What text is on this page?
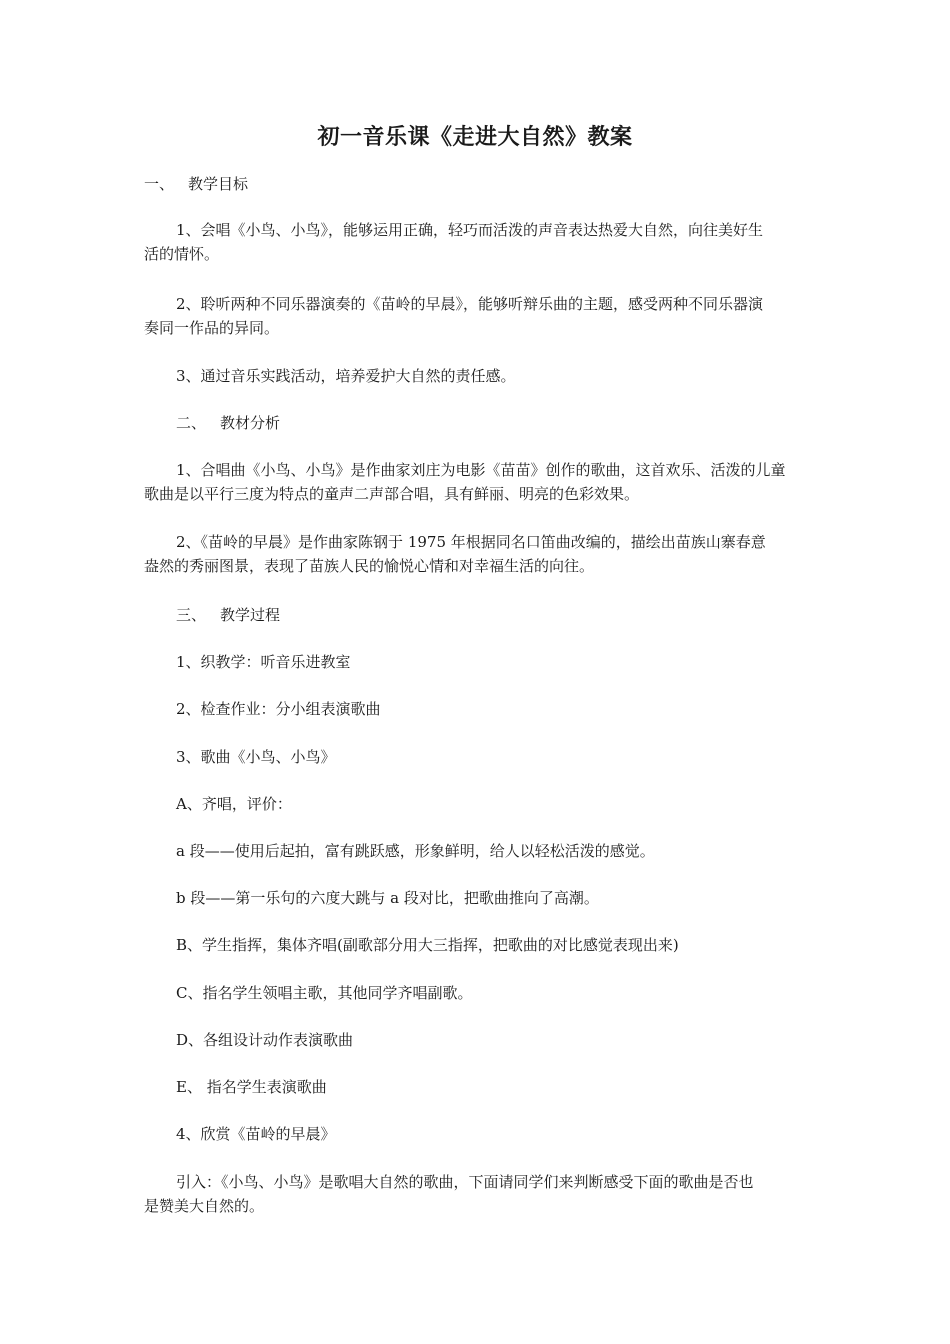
初一音乐课《走进大自然》教案
一、 教学目标
1、会唱《小鸟、小鸟》，能够运用正确，轻巧而活泼的声音表达热爱大自然，向往美好生
活的情怀。
2、聆听两种不同乐器演奏的《苗岭的早晨》，能够听辩乐曲的主题，感受两种不同乐器演
奏同一作品的异同。
3、通过音乐实践活动，培养爱护大自然的责任感。
二、 教材分析
1、合唱曲《小鸟、小鸟》是作曲家刘庄为电影《苗苗》创作的歌曲，这首欢乐、活泼的儿童
歌曲是以平行三度为特点的童声二声部合唱，具有鲜丽、明亮的色彩效果。
2、《苗岭的早晨》是作曲家陈钢于 1975 年根据同名口笛曲改编的，描绘出苗族山寨春意
盎然的秀丽图景，表现了苗族人民的愉悦心情和对幸福生活的向往。
三、 教学过程
1、织教学：听音乐进教室
2、检查作业：分小组表演歌曲
3、歌曲《小鸟、小鸟》
A、齐唱，评价：
a 段——使用后起拍，富有跳跃感，形象鲜明，给人以轻松活泼的感觉。
b 段——第一乐句的六度大跳与 a 段对比，把歌曲推向了高潮。
B、学生指挥，集体齐唱(副歌部分用大三指挥，把歌曲的对比感觉表现出来)
C、指名学生领唱主歌，其他同学齐唱副歌。
D、各组设计动作表演歌曲
E、 指名学生表演歌曲
4、欣赏《苗岭的早晨》
引入：《小鸟、小鸟》是歌唱大自然的歌曲，下面请同学们来判断感受下面的歌曲是否也
是赞美大自然的。
